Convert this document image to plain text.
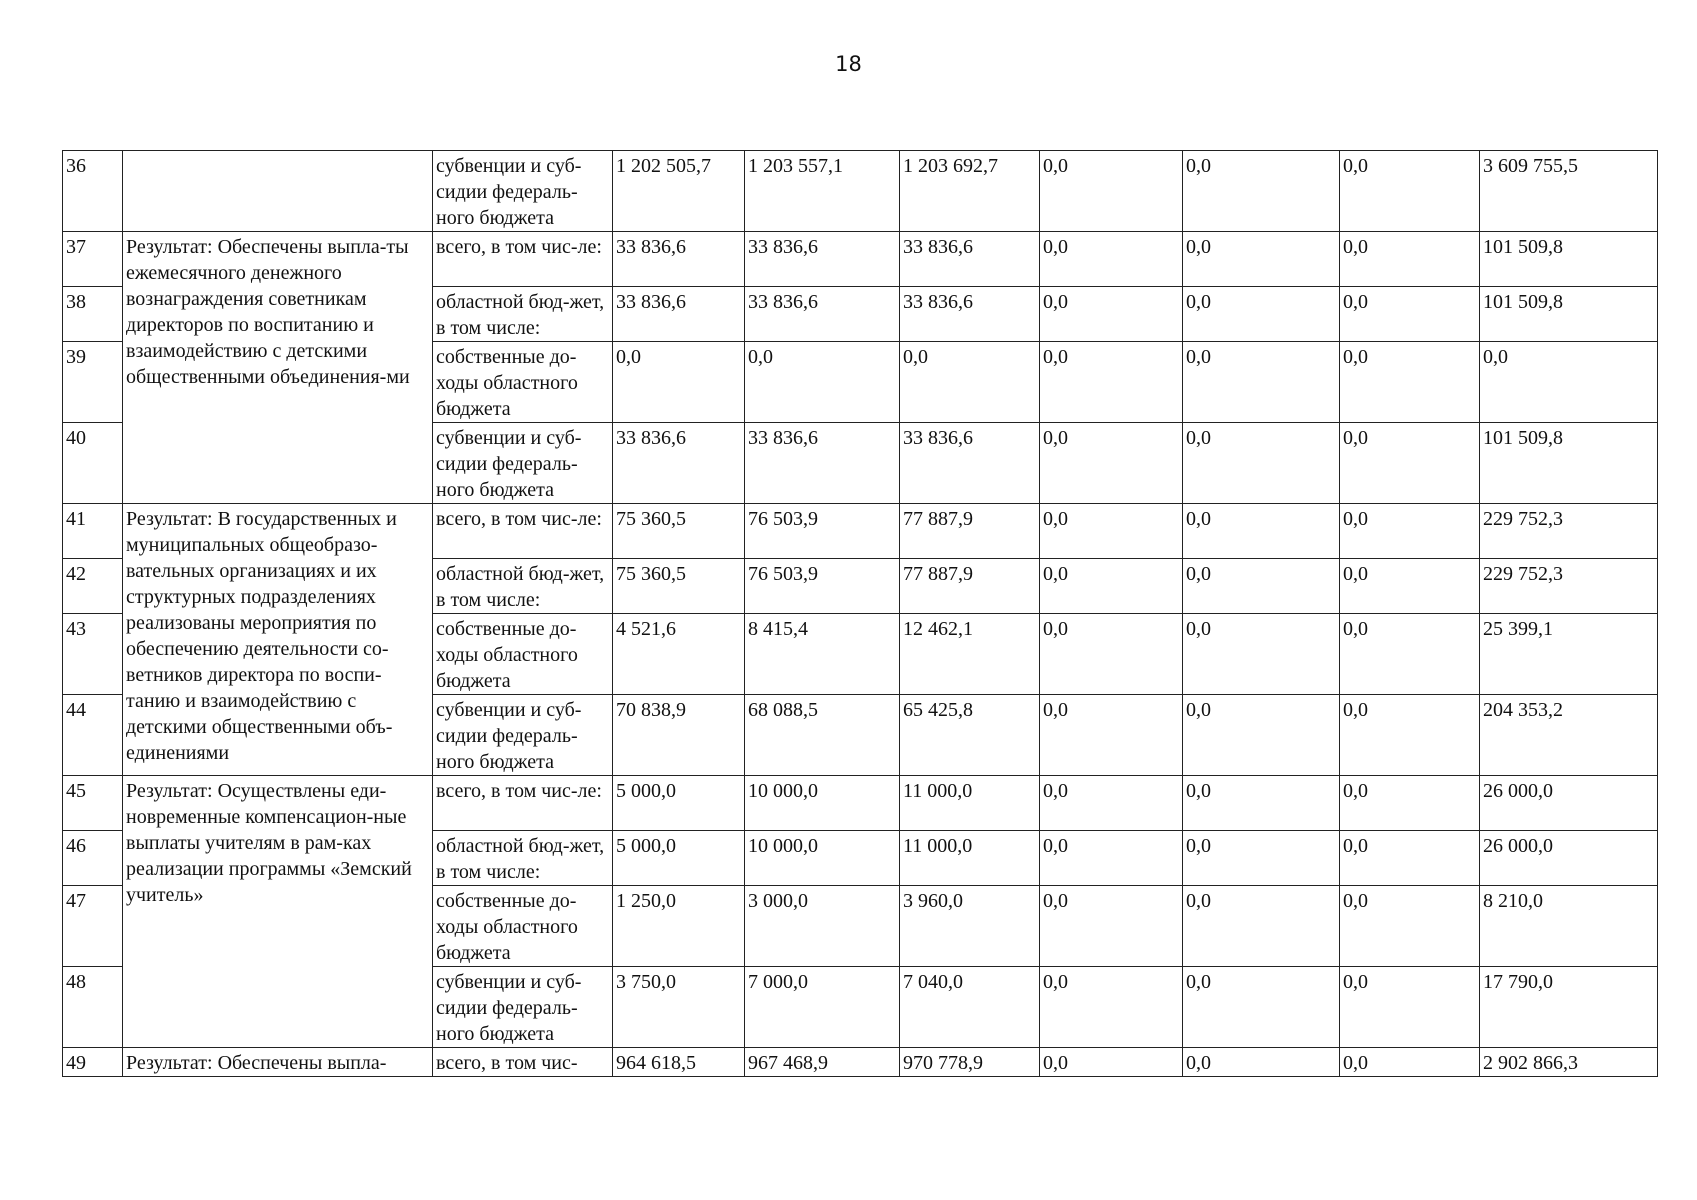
18
36		субвенции и суб-сидии федераль-ного бюджета	1 202 505,7	1 203 557,1	1 203 692,7	0,0	0,0	0,0	3 609 755,5
37	Результат: Обеспечены выпла-ты ежемесячного денежного вознаграждения советникам директоров по воспитанию и взаимодействию с детскими общественными объединения-ми	всего, в том чис-ле:	33 836,6	33 836,6	33 836,6	0,0	0,0	0,0	101 509,8
38		областной бюд-жет, в том числе:	33 836,6	33 836,6	33 836,6	0,0	0,0	0,0	101 509,8
39		собственные до-ходы областного бюджета	0,0	0,0	0,0	0,0	0,0	0,0	0,0
40		субвенции и суб-сидии федераль-ного бюджета	33 836,6	33 836,6	33 836,6	0,0	0,0	0,0	101 509,8
41	Результат: В государственных и муниципальных общеобразо-вательных организациях и их структурных подразделениях реализованы мероприятия по обеспечению деятельности со-ветников директора по воспи-танию и взаимодействию с детскими общественными объ-единениями	всего, в том чис-ле:	75 360,5	76 503,9	77 887,9	0,0	0,0	0,0	229 752,3
42		областной бюд-жет, в том числе:	75 360,5	76 503,9	77 887,9	0,0	0,0	0,0	229 752,3
43		собственные до-ходы областного бюджета	4 521,6	8 415,4	12 462,1	0,0	0,0	0,0	25 399,1
44		субвенции и суб-сидии федераль-ного бюджета	70 838,9	68 088,5	65 425,8	0,0	0,0	0,0	204 353,2
45	Результат: Осуществлены еди-новременные компенсацион-ные выплаты учителям в рам-ках реализации программы «Земский учитель»	всего, в том чис-ле:	5 000,0	10 000,0	11 000,0	0,0	0,0	0,0	26 000,0
46		областной бюд-жет, в том числе:	5 000,0	10 000,0	11 000,0	0,0	0,0	0,0	26 000,0
47		собственные до-ходы областного бюджета	1 250,0	3 000,0	3 960,0	0,0	0,0	0,0	8 210,0
48		субвенции и суб-сидии федераль-ного бюджета	3 750,0	7 000,0	7 040,0	0,0	0,0	0,0	17 790,0
49	Результат: Обеспечены выпла-	всего, в том чис-	964 618,5	967 468,9	970 778,9	0,0	0,0	0,0	2 902 866,3
